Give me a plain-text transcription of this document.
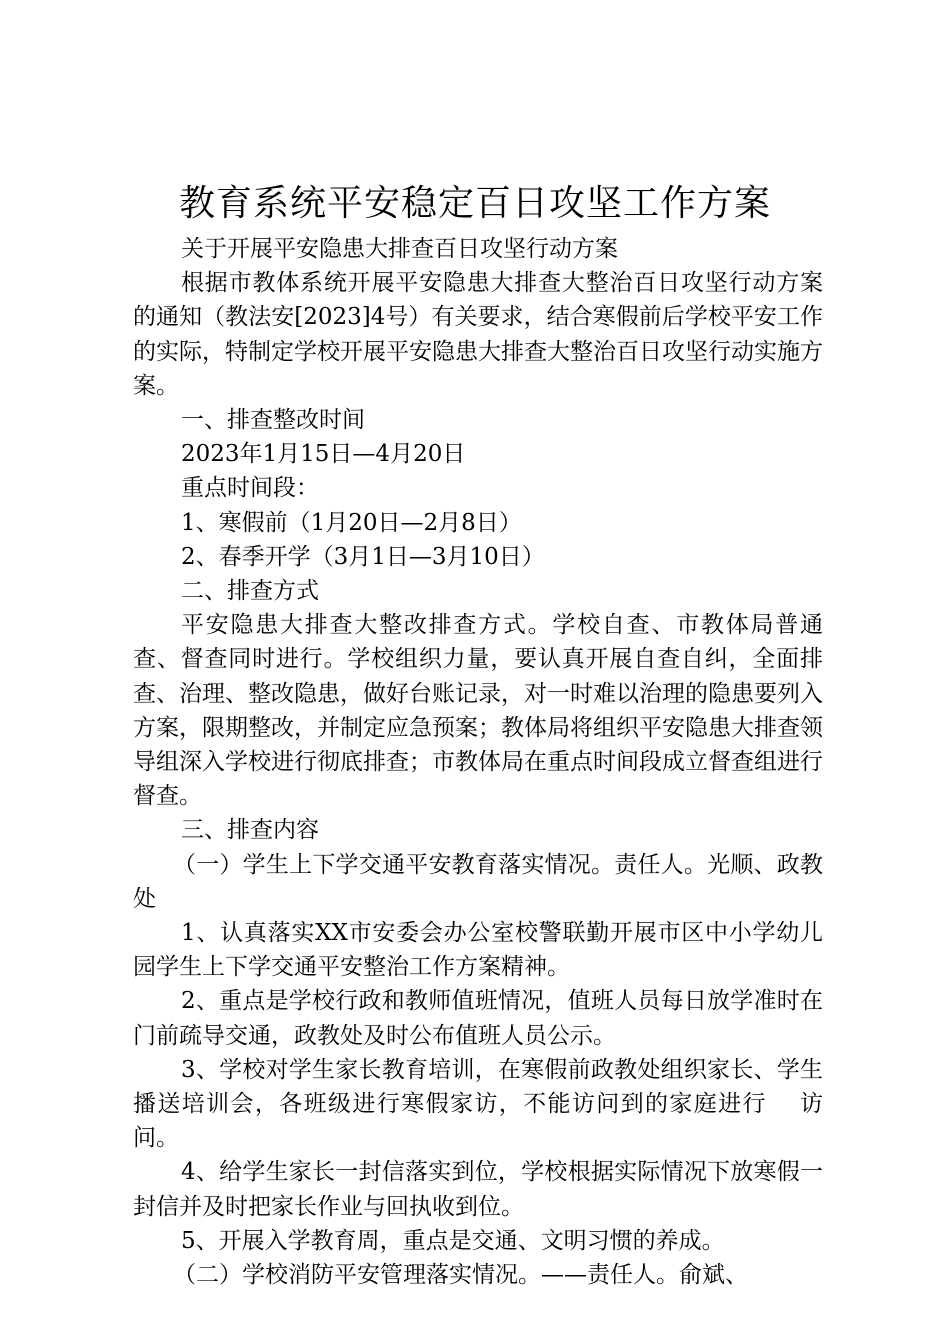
教育系统平安稳定百日攻坚工作方案

关于开展平安隐患大排查百日攻坚行动方案

根据市教体系统开展平安隐患大排查大整治百日攻坚行动方案的通知（教法安[2023]4号）有关要求，结合寒假前后学校平安工作的实际，特制定学校开展平安隐患大排查大整治百日攻坚行动实施方案。

一、排查整改时间

2023年1月15日—4月20日

重点时间段：

1、寒假前（1月20日—2月8日）

2、春季开学（3月1日—3月10日）

二、排查方式

平安隐患大排查大整改排查方式。学校自查、市教体局普通查、督查同时进行。学校组织力量，要认真开展自查自纠，全面排查、治理、整改隐患，做好台账记录，对一时难以治理的隐患要列入方案，限期整改，并制定应急预案；教体局将组织平安隐患大排查领导组深入学校进行彻底排查；市教体局在重点时间段成立督查组进行督查。

三、排查内容

（一）学生上下学交通平安教育落实情况。责任人。光顺、政教处

1、认真落实XX市安委会办公室校警联勤开展市区中小学幼儿园学生上下学交通平安整治工作方案精神。

2、重点是学校行政和教师值班情况，值班人员每日放学准时在门前疏导交通，政教处及时公布值班人员公示。

3、学校对学生家长教育培训，在寒假前政教处组织家长、学生播送培训会，各班级进行寒假家访，不能访问到的家庭进行　 访问。

4、给学生家长一封信落实到位，学校根据实际情况下放寒假一封信并及时把家长作业与回执收到位。

5、开展入学教育周，重点是交通、文明习惯的养成。

（二）学校消防平安管理落实情况。——责任人。俞斌、
